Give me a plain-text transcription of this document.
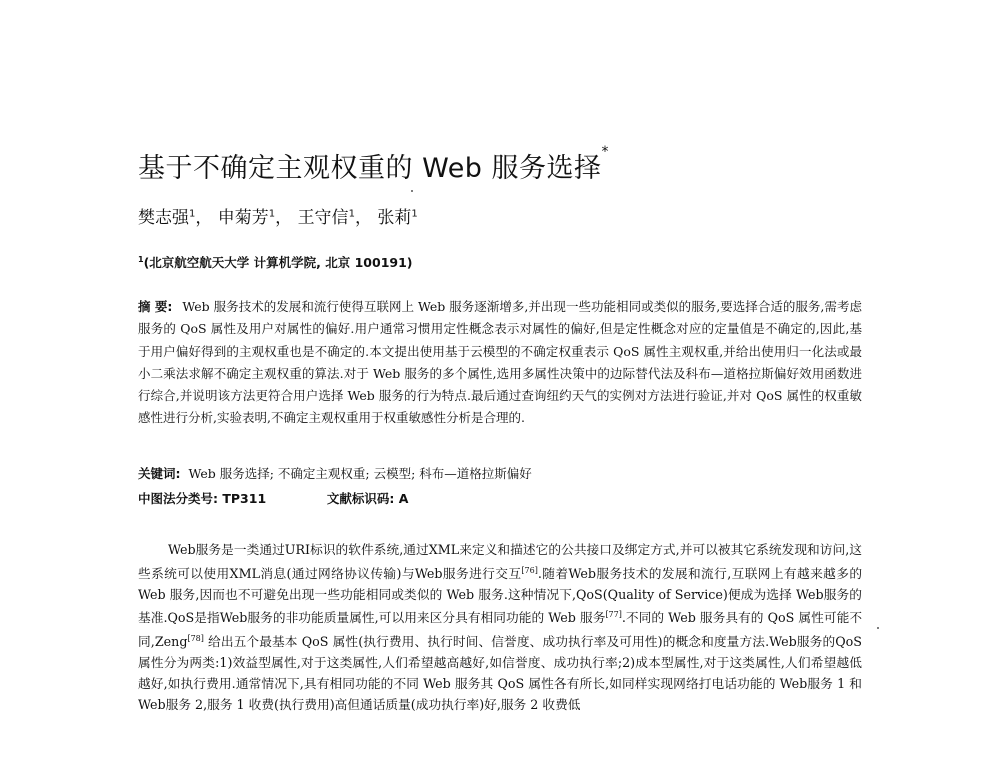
基于不确定主观权重的 Web 服务选择*
樊志强$^1$， 申菊芳$^1$， 王守信$^1$， 张莉$^1$
$^1$(北京航空航天大学 计算机学院, 北京 100191)
摘 要: Web 服务技术的发展和流行使得互联网上 Web 服务逐渐增多,并出现一些功能相同或类似的服务,要选择合适的服务,需考虑服务的 QoS 属性及用户对属性的偏好.用户通常习惯用定性概念表示对属性的偏好,但是定性概念对应的定量值是不确定的,因此,基于用户偏好得到的主观权重也是不确定的.本文提出使用基于云模型的不确定权重表示 QoS 属性主观权重,并给出使用归一化法或最小二乘法求解不确定主观权重的算法.对于 Web 服务的多个属性,选用多属性决策中的边际替代法及科布—道格拉斯偏好效用函数进行综合,并说明该方法更符合用户选择 Web 服务的行为特点.最后通过查询纽约天气的实例对方法进行验证,并对 QoS 属性的权重敏感性进行分析,实验表明,不确定主观权重用于权重敏感性分析是合理的.
关键词: Web 服务选择; 不确定主观权重; 云模型; 科布—道格拉斯偏好
中图法分类号: TP311	文献标识码: A
Web服务是一类通过URI标识的软件系统,通过XML来定义和描述它的公共接口及绑定方式,并可以被其它系统发现和访问,这些系统可以使用XML消息(通过网络协议传输)与Web服务进行交互[76].随着Web服务技术的发展和流行,互联网上有越来越多的 Web 服务,因而也不可避免出现一些功能相同或类似的 Web 服务.这种情况下,QoS(Quality of Service)便成为选择 Web服务的基准.QoS是指Web服务的非功能质量属性,可以用来区分具有相同功能的 Web 服务[77].不同的 Web 服务具有的 QoS 属性可能不同,Zeng[78] 给出五个最基本 QoS 属性(执行费用、执行时间、信誉度、成功执行率及可用性)的概念和度量方法.Web服务的QoS属性分为两类:1)效益型属性,对于这类属性,人们希望越高越好,如信誉度、成功执行率;2)成本型属性,对于这类属性,人们希望越低越好,如执行费用.通常情况下,具有相同功能的不同 Web 服务其 QoS 属性各有所长,如同样实现网络打电话功能的 Web服务 1 和 Web服务 2,服务 1 收费(执行费用)高但通话质量(成功执行率)好,服务 2 收费低
